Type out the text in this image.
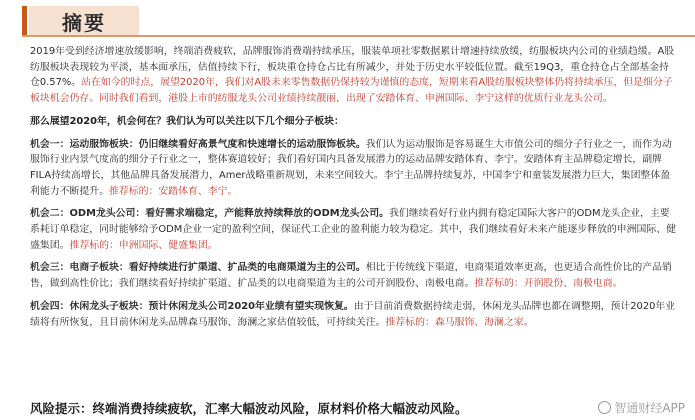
摘要

2019年受到经济增速放缓影响，终端消费疲软，品牌服饰消费端持续承压，服装单项社零数据累计增速持续放缓，纺服板块内公司的业绩趋缓。A股纺服板块表现较为平淡，基本面承压，估值持续下行，板块重仓持仓占比有所减少，并处于历史水平较低位置。截至19Q3，重仓持仓占全部基金持仓0.57%。站在如今的时点，展望2020年，我们对A股未来零售数据仍保持较为谨慎的态度，短期来看A股纺服板块整体仍将持续承压，但是细分子板块机会仍存。同时我们看到，港股上市的纺服龙头公司业绩持续靓丽，出现了安踏体育、申洲国际、李宁这样的优质行业龙头公司。

那么展望2020年，机会何在？我们认为可以关注以下几个细分子板块：

机会一：运动服饰板块：仍旧继续看好高景气度和快速增长的运动服饰板块。我们认为运动服饰是容易诞生大市值公司的细分子行业之一，而作为动服饰行业内景气度高的细分子行业之一，整体赛道较好；我们看好国内具备发展潜力的运动品牌安踏体育、李宁。安踏体育主品牌稳定增长，副牌FILA持续高增长，其他品牌具备发展潜力，Amer战略重新规划，未来空间较大。李宁主品牌持续复苏，中国李宁和童装发展潜力巨大，集团整体盈利能力不断提升。推荐标的：安踏体育、李宁。

机会二：ODM龙头公司：看好需求端稳定，产能释放持续释放的ODM龙头公司。我们继续看好行业内拥有稳定国际大客户的ODM龙头企业，主要系耗订单稳定，同时能够给予ODM企业一定的盈利空间，保证代工企业的盈利能力较为稳定。其中，我们继续看好未来产能逐步释放的申洲国际、健盛集团。推荐标的：申洲国际、健盛集团。

机会三：电商子板块：看好持续进行扩渠道、扩品类的电商渠道为主的公司。相比于传统线下渠道，电商渠道效率更高，也更适合高性价比的产品销售，做到高性价比；我们继续看好持续扩渠道、扩品类的以电商渠道为主的公司开润股份、南极电商。推荐标的：开润股份、南极电商。

机会四：休闲龙头子板块：预计休闲龙头公司2020年业绩有望实现恢复。由于目前消费数据持续走弱，休闲龙头品牌也都在调整期，预计2020年业绩将有所恢复，且目前休闲龙头品牌森马服饰、海澜之家估值较低，可持续关注。推荐标的：森马服饰、海澜之家。

风险提示：终端消费持续疲软，汇率大幅波动风险，原材料价格大幅波动风险。	智通财经APP
